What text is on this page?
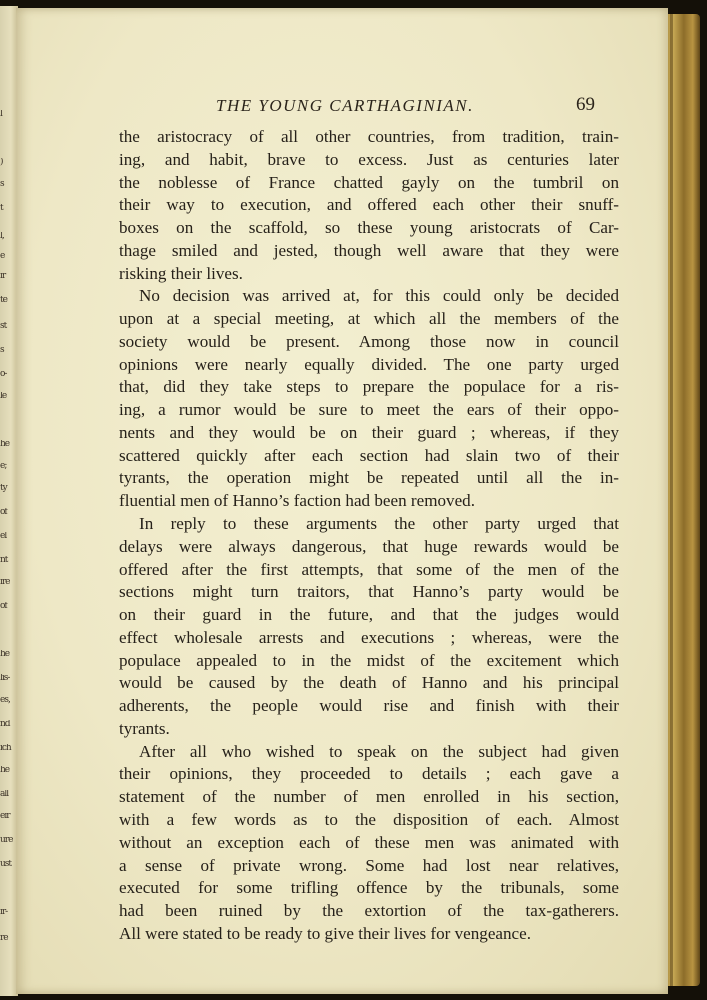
l
)
s
t
l,
e
ir
te
st
s
o-
le
he
e;
ty
of
el
nt
ire
of
he
lis-
es,
nd
ich
he
all
eir
ure
ust
ir-
re
THE YOUNG CARTHAGINIAN.	69
the aristocracy of all other countries, from tradition, train-
ing, and habit, brave to excess. Just as centuries later
the noblesse of France chatted gayly on the tumbril on
their way to execution, and offered each other their snuff-
boxes on the scaffold, so these young aristocrats of Car-
thage smiled and jested, though well aware that they were
risking their lives.
No decision was arrived at, for this could only be decided
upon at a special meeting, at which all the members of the
society would be present. Among those now in council
opinions were nearly equally divided. The one party urged
that, did they take steps to prepare the populace for a ris-
ing, a rumor would be sure to meet the ears of their oppo-
nents and they would be on their guard ; whereas, if they
scattered quickly after each section had slain two of their
tyrants, the operation might be repeated until all the in-
fluential men of Hanno’s faction had been removed.
In reply to these arguments the other party urged that
delays were always dangerous, that huge rewards would be
offered after the first attempts, that some of the men of the
sections might turn traitors, that Hanno’s party would be
on their guard in the future, and that the judges would
effect wholesale arrests and executions ; whereas, were the
populace appealed to in the midst of the excitement which
would be caused by the death of Hanno and his principal
adherents, the people would rise and finish with their
tyrants.
After all who wished to speak on the subject had given
their opinions, they proceeded to details ; each gave a
statement of the number of men enrolled in his section,
with a few words as to the disposition of each. Almost
without an exception each of these men was animated with
a sense of private wrong. Some had lost near relatives,
executed for some trifling offence by the tribunals, some
had been ruined by the extortion of the tax-gatherers.
All were stated to be ready to give their lives for vengeance.
